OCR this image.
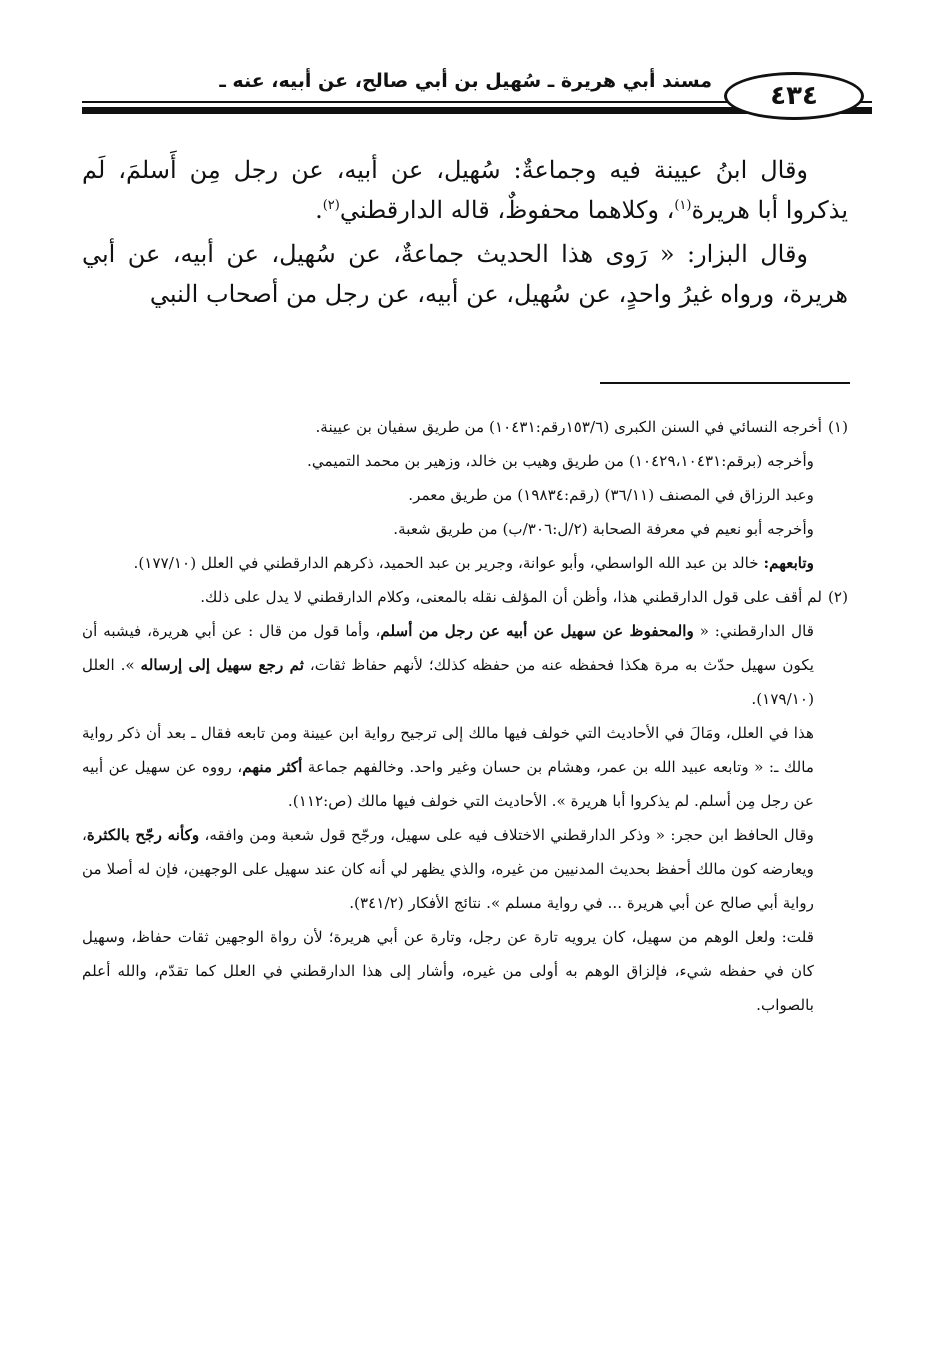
مسند أبي هريرة ـ سُهيل بن أبي صالح، عن أبيه، عنه ـ ٤٣٤

وقال ابنُ عيينة فيه وجماعةٌ: سُهيل، عن أبيه، عن رجل مِن أَسلمَ، لَم يذكروا أبا هريرة$^{(١)}$، وكلاهما محفوظٌ، قاله الدارقطني$^{(٢)}$.

وقال البزار: « رَوى هذا الحديث جماعةٌ، عن سُهيل، عن أبيه، عن أبي هريرة، ورواه غيرُ واحدٍ، عن سُهيل، عن أبيه، عن رجل من أصحاب النبي

(١)أخرجه النسائي في السنن الكبرى (١٥٣/٦رقم:١٠٤٣١) من طريق سفيان بن عيينة.

وأخرجه (برقم:١٠٤٢٩،١٠٤٣١) من طريق وهيب بن خالد، وزهير بن محمد التميمي.

وعبد الرزاق في المصنف (٣٦/١١) (رقم:١٩٨٣٤) من طريق معمر.

وأخرجه أبو نعيم في معرفة الصحابة (٢/ل:٣٠٦/ب) من طريق شعبة.

وتابعهم: خالد بن عبد الله الواسطي، وأبو عوانة، وجرير بن عبد الحميد، ذكرهم الدارقطني في العلل (١٧٧/١٠).

(٢)لم أقف على قول الدارقطني هذا، وأظن أن المؤلف نقله بالمعنى، وكلام الدارقطني لا يدل على ذلك.

قال الدارقطني: « والمحفوظ عن سهيل عن أبيه عن رجل من أسلم، وأما قول من قال : عن أبي هريرة، فيشبه أن يكون سهيل حدّث به مرة هكذا فحفظه عنه من حفظه كذلك؛ لأنهم حفاظ ثقات، ثم رجع سهيل إلى إرساله ». العلل (١٧٩/١٠).

هذا في العلل، ومَالَ في الأحاديث التي خولف فيها مالك إلى ترجيح رواية ابن عيينة ومن تابعه فقال ـ بعد أن ذكر رواية مالك ـ: « وتابعه عبيد الله بن عمر، وهشام بن حسان وغير واحد. وخالفهم جماعة أكثر منهم، رووه عن سهيل عن أبيه عن رجل مِن أسلم. لم يذكروا أبا هريرة ». الأحاديث التي خولف فيها مالك (ص:١١٢).

وقال الحافظ ابن حجر: « وذكر الدارقطني الاختلاف فيه على سهيل، ورجّح قول شعبة ومن وافقه، وكأنه رجّح بالكثرة، ويعارضه كون مالك أحفظ بحديث المدنيين من غيره، والذي يظهر لي أنه كان عند سهيل على الوجهين، فإن له أصلا من رواية أبي صالح عن أبي هريرة ... في رواية مسلم ». نتائج الأفكار (٣٤١/٢).

قلت: ولعل الوهم من سهيل، كان يرويه تارة عن رجل، وتارة عن أبي هريرة؛ لأن رواة الوجهين ثقات حفاظ، وسهيل كان في حفظه شيء، فإلزاق الوهم به أولى من غيره، وأشار إلى هذا الدارقطني في العلل كما تقدّم، والله أعلم بالصواب.
